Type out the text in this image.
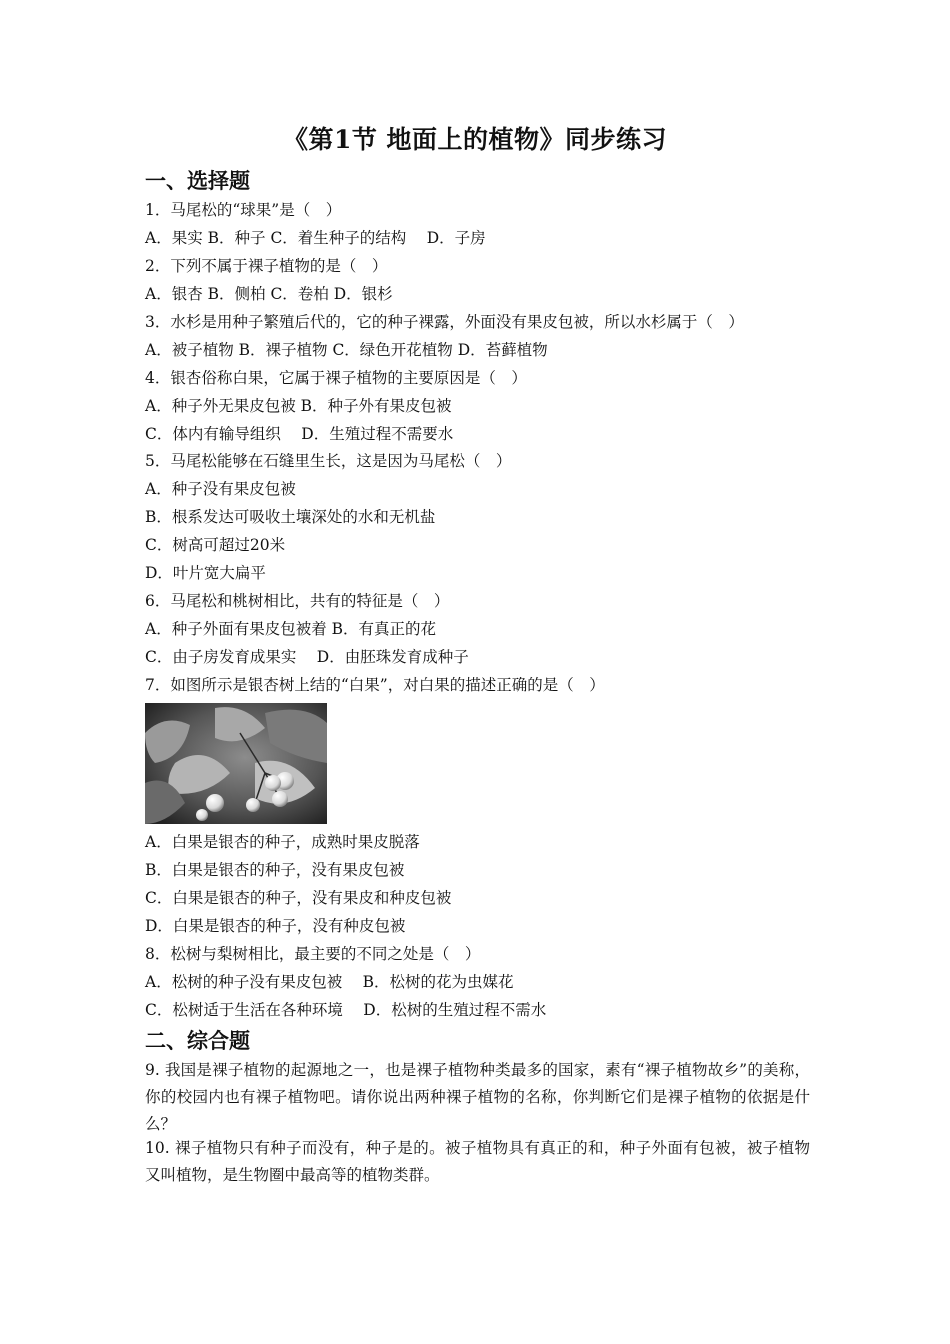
《第1节 地面上的植物》同步练习
一、选择题
1．马尾松的“球果”是（　）
A．果实 B．种子 C．着生种子的结构　 D．子房
2．下列不属于裸子植物的是（　）
A．银杏 B．侧柏 C．卷柏 D．银杉
3．水杉是用种子繁殖后代的，它的种子裸露，外面没有果皮包被，所以水杉属于（　）
A．被子植物 B．裸子植物 C．绿色开花植物 D．苔藓植物
4．银杏俗称白果，它属于裸子植物的主要原因是（　）
A．种子外无果皮包被 B．种子外有果皮包被
C．体内有输导组织　 D．生殖过程不需要水
5．马尾松能够在石缝里生长，这是因为马尾松（　）
A．种子没有果皮包被
B．根系发达可吸收土壤深处的水和无机盐
C．树高可超过20米
D．叶片宽大扁平
6．马尾松和桃树相比，共有的特征是（　）
A．种子外面有果皮包被着 B．有真正的花
C．由子房发育成果实　 D．由胚珠发育成种子
7．如图所示是银杏树上结的“白果”，对白果的描述正确的是（　）
A．白果是银杏的种子，成熟时果皮脱落
B．白果是银杏的种子，没有果皮包被
C．白果是银杏的种子，没有果皮和种皮包被
D．白果是银杏的种子，没有种皮包被
8．松树与梨树相比，最主要的不同之处是（　）
A．松树的种子没有果皮包被　 B．松树的花为虫媒花
C．松树适于生活在各种环境　 D．松树的生殖过程不需水
二、综合题
9. 我国是裸子植物的起源地之一，也是裸子植物种类最多的国家，素有“裸子植物故乡”的美称，你的校园内也有裸子植物吧。请你说出两种裸子植物的名称，你判断它们是裸子植物的依据是什么？
10. 裸子植物只有种子而没有，种子是的。被子植物具有真正的和，种子外面有包被，被子植物又叫植物，是生物圈中最高等的植物类群。
